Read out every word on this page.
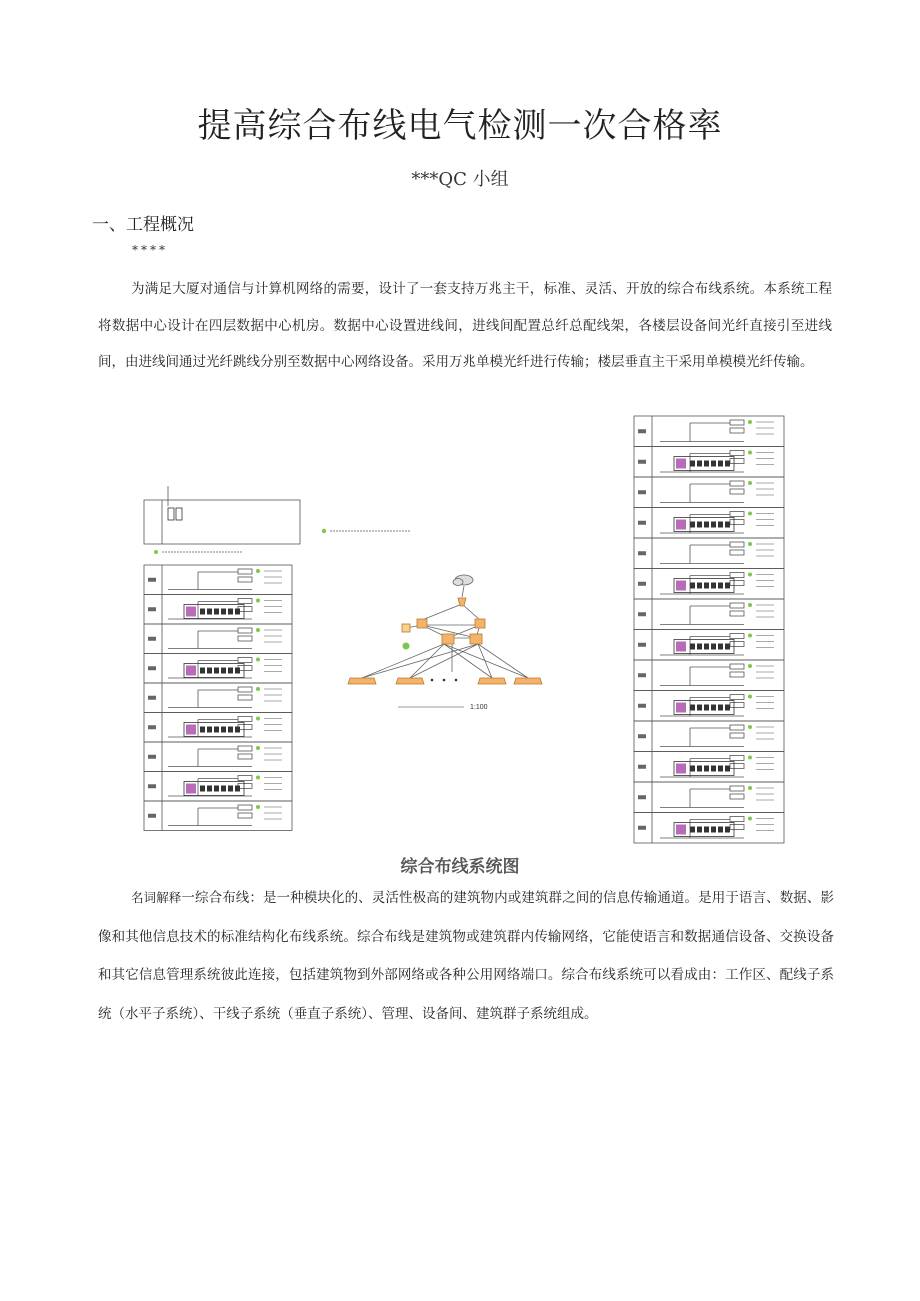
提高综合布线电气检测一次合格率
***QC 小组
一、工程概况
****
为满足大厦对通信与计算机网络的需要，设计了一套支持万兆主干，标准、灵活、开放的综合布线系统。本系统工程将数据中心设计在四层数据中心机房。数据中心设置进线间，进线间配置总纤总配线架，各楼层设备间光纤直接引至进线间，由进线间通过光纤跳线分别至数据中心网络设备。采用万兆单模光纤进行传输；楼层垂直主干采用单模模光纤传输。
1:100
综合布线系统图
名词解释一综合布线：是一种模块化的、灵活性极高的建筑物内或建筑群之间的信息传输通道。是用于语言、数据、影像和其他信息技术的标准结构化布线系统。综合布线是建筑物或建筑群内传输网络，它能使语言和数据通信设备、交换设备和其它信息管理系统彼此连接，包括建筑物到外部网络或各种公用网络端口。综合布线系统可以看成由：工作区、配线子系统（水平子系统）、干线子系统（垂直子系统）、管理、设备间、建筑群子系统组成。
